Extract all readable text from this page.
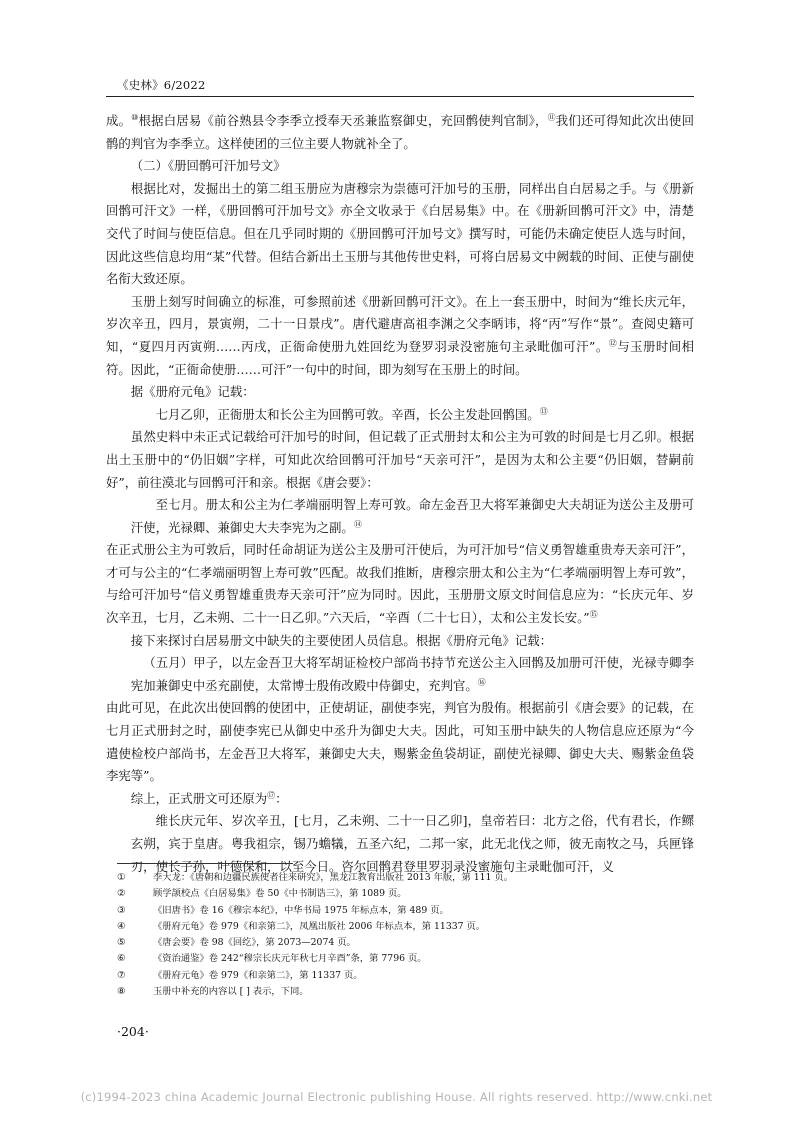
《史林》6/2022

成。⑩根据白居易《前谷熟县令李季立授奉天丞兼监察御史，充回鹘使判官制》，⑪我们还可得知此次出使回鹘的判官为李季立。这样使团的三位主要人物就补全了。

（二）《册回鹘可汗加号文》

根据比对，发掘出土的第二组玉册应为唐穆宗为崇德可汗加号的玉册，同样出自白居易之手。与《册新回鹘可汗文》一样，《册回鹘可汗加号文》亦全文收录于《白居易集》中。在《册新回鹘可汗文》中，清楚交代了时间与使臣信息。但在几乎同时期的《册回鹘可汗加号文》撰写时，可能仍未确定使臣人选与时间，因此这些信息均用“某”代替。但结合新出土玉册与其他传世史料，可将白居易文中阙载的时间、正使与副使名衔大致还原。

玉册上刻写时间确立的标准，可参照前述《册新回鹘可汗文》。在上一套玉册中，时间为“维长庆元年，岁次辛丑，四月，景寅朔，二十一日景戌”。唐代避唐高祖李渊之父李昞讳，将“丙”写作“景”。查阅史籍可知，“夏四月丙寅朔……丙戌，正衙命使册九姓回纥为登罗羽录没密施句主录毗伽可汗”。⑫与玉册时间相符。因此，“正衙命使册……可汗”一句中的时间，即为刻写在玉册上的时间。

据《册府元龟》记载：

七月乙卯，正衙册太和长公主为回鹘可敦。辛酉，长公主发赴回鹘国。⑬

虽然史料中未正式记载给可汗加号的时间，但记载了正式册封太和公主为可敦的时间是七月乙卯。根据出土玉册中的“仍旧姻”字样，可知此次给回鹘可汗加号“天亲可汗”，是因为太和公主要“仍旧姻，替嗣前好”，前往漠北与回鹘可汗和亲。根据《唐会要》：

至七月。册太和公主为仁孝端丽明智上寿可敦。命左金吾卫大将军兼御史大夫胡证为送公主及册可汗使，光禄卿、兼御史大夫李宪为之副。⑭

在正式册公主为可敦后，同时任命胡证为送公主及册可汗使后，为可汗加号“信义勇智雄重贵寿天亲可汗”，才可与公主的“仁孝端丽明智上寿可敦”匹配。故我们推断，唐穆宗册太和公主为“仁孝端丽明智上寿可敦”，与给可汗加号“信义勇智雄重贵寿天亲可汗”应为同时。因此，玉册册文原文时间信息应为：“长庆元年、岁次辛丑，七月，乙未朔、二十一日乙卯。”六天后，“辛酉（二十七日），太和公主发长安。”⑮

接下来探讨白居易册文中缺失的主要使团人员信息。根据《册府元龟》记载：

（五月）甲子，以左金吾卫大将军胡证检校户部尚书持节充送公主入回鹘及加册可汗使，光禄寺卿李宪加兼御史中丞充副使，太常博士殷侑改殿中侍御史，充判官。⑯

由此可见，在此次出使回鹘的使团中，正使胡证，副使李宪，判官为殷侑。根据前引《唐会要》的记载，在七月正式册封之时，副使李宪已从御史中丞升为御史大夫。因此，可知玉册中缺失的人物信息应还原为“今遣使检校户部尚书，左金吾卫大将军，兼御史大夫，赐紫金鱼袋胡证，副使光禄卿、御史大夫、赐紫金鱼袋李宪等”。

综上，正式册文可还原为⑰：

维长庆元年、岁次辛丑，[七月，乙未朔、二十一日乙卯]，皇帝若曰：北方之俗，代有君长，作鳏玄朔，宾于皇唐。粤我祖宗，锡乃蟾犠，五圣六纪，二邦一家，此无北伐之师，彼无南牧之马，兵匣锋刃，使长子孙，叶德保和，以至今日。咨尔回鹘君登里罗羽录没蜜施句主录毗伽可汗，义

①	李大龙：《唐朝和边疆民族使者往来研究》，黑龙江教育出版社 2013 年版，第 111 页。
②	顾学颉校点《白居易集》卷 50《中书制诰三》，第 1089 页。
③	《旧唐书》卷 16《穆宗本纪》，中华书局 1975 年标点本，第 489 页。
④	《册府元龟》卷 979《和亲第二》，凤凰出版社 2006 年标点本，第 11337 页。
⑤	《唐会要》卷 98《回纥》，第 2073—2074 页。
⑥	《资治通鉴》卷 242“穆宗长庆元年秋七月辛酉”条，第 7796 页。
⑦	《册府元龟》卷 979《和亲第二》，第 11337 页。
⑧	玉册中补充的内容以 [ ] 表示，下同。
·204·
(c)1994-2023 china Academic Journal Electronic publishing House. All rights reserved. http://www.cnki.net
